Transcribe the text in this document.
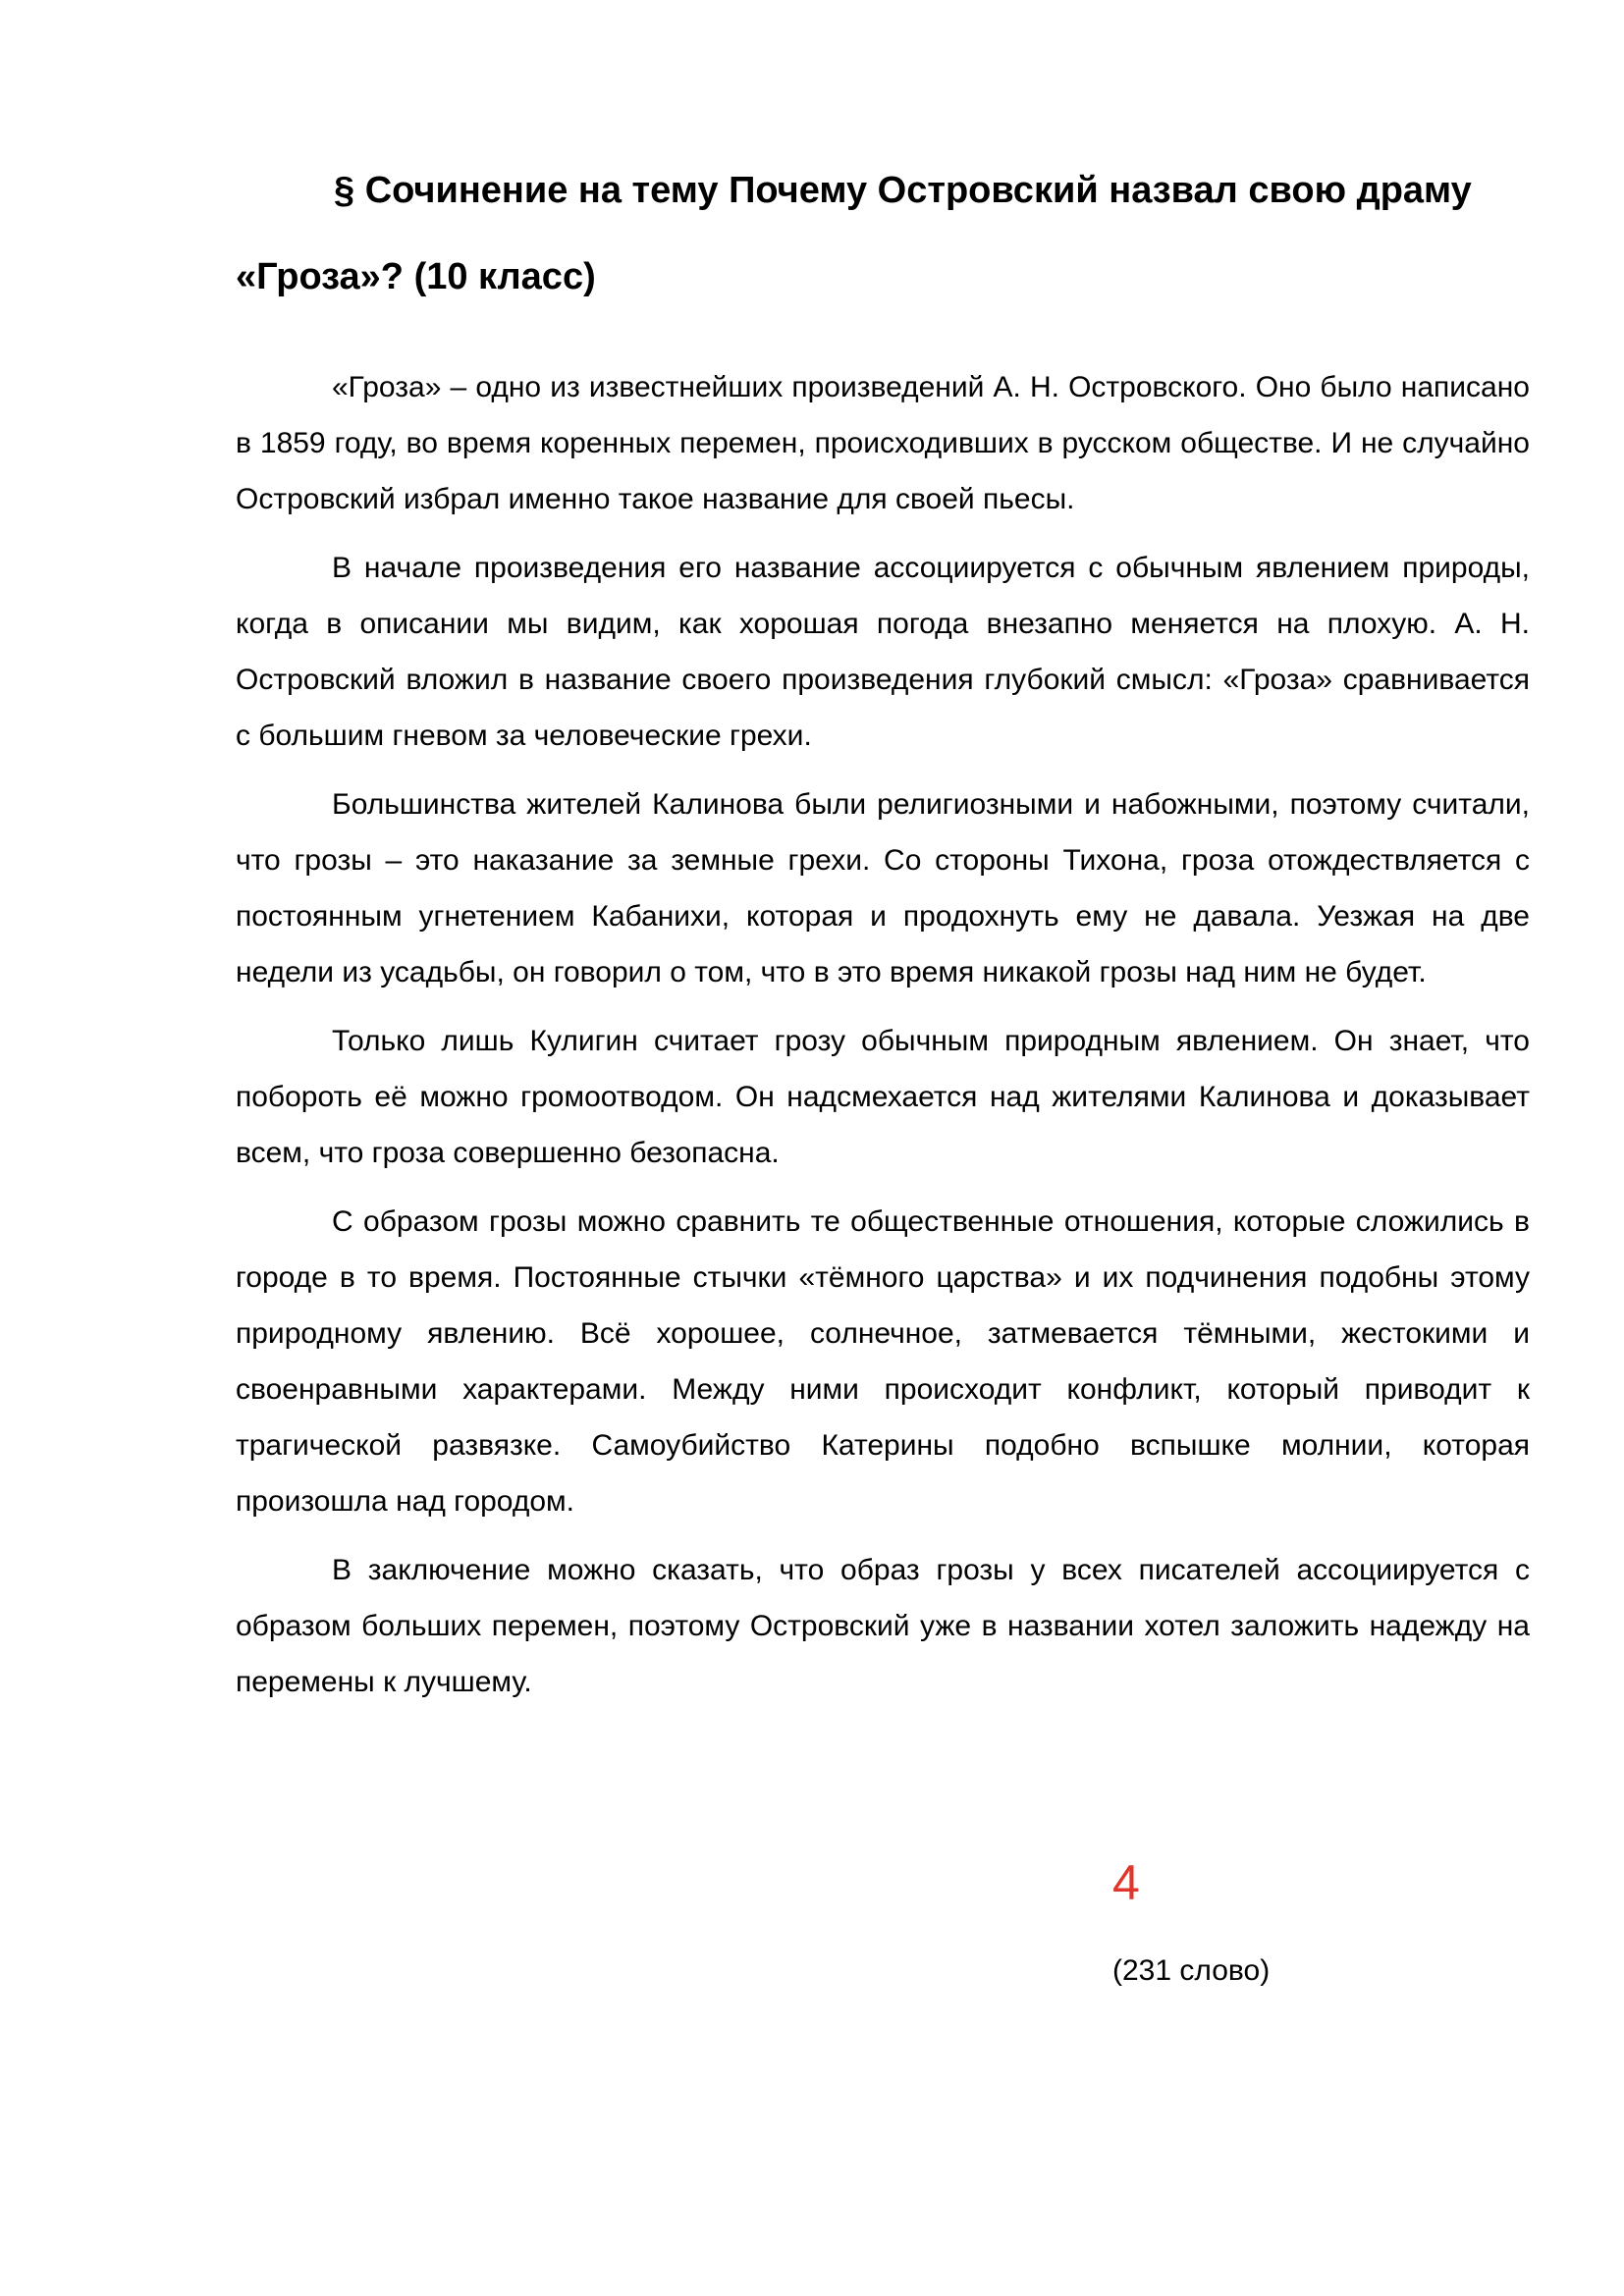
§ Сочинение на тему Почему Островский назвал свою драму «Гроза»? (10 класс)

«Гроза» – одно из известнейших произведений А. Н. Островского. Оно было написано в 1859 году, во время коренных перемен, происходивших в русском обществе. И не случайно Островский избрал именно такое название для своей пьесы.

В начале произведения его название ассоциируется с обычным явлением природы, когда в описании мы видим, как хорошая погода внезапно меняется на плохую. А. Н. Островский вложил в название своего произведения глубокий смысл: «Гроза» сравнивается с большим гневом за человеческие грехи.

Большинства жителей Калинова были религиозными и набожными, поэтому считали, что грозы – это наказание за земные грехи. Со стороны Тихона, гроза отождествляется с постоянным угнетением Кабанихи, которая и продохнуть ему не давала. Уезжая на две недели из усадьбы, он говорил о том, что в это время никакой грозы над ним не будет.

Только лишь Кулигин считает грозу обычным природным явлением. Он знает, что побороть её можно громоотводом. Он надсмехается над жителями Калинова и доказывает всем, что гроза совершенно безопасна.

С образом грозы можно сравнить те общественные отношения, которые сложились в городе в то время. Постоянные стычки «тёмного царства» и их подчинения подобны этому природному явлению. Всё хорошее, солнечное, затмевается тёмными, жестокими и своенравными характерами. Между ними происходит конфликт, который приводит к трагической развязке. Самоубийство Катерины подобно вспышке молнии, которая произошла над городом.

В заключение можно сказать, что образ грозы у всех писателей ассоциируется с образом больших перемен, поэтому Островский уже в названии хотел заложить надежду на перемены к лучшему.

4

(231 слово)
